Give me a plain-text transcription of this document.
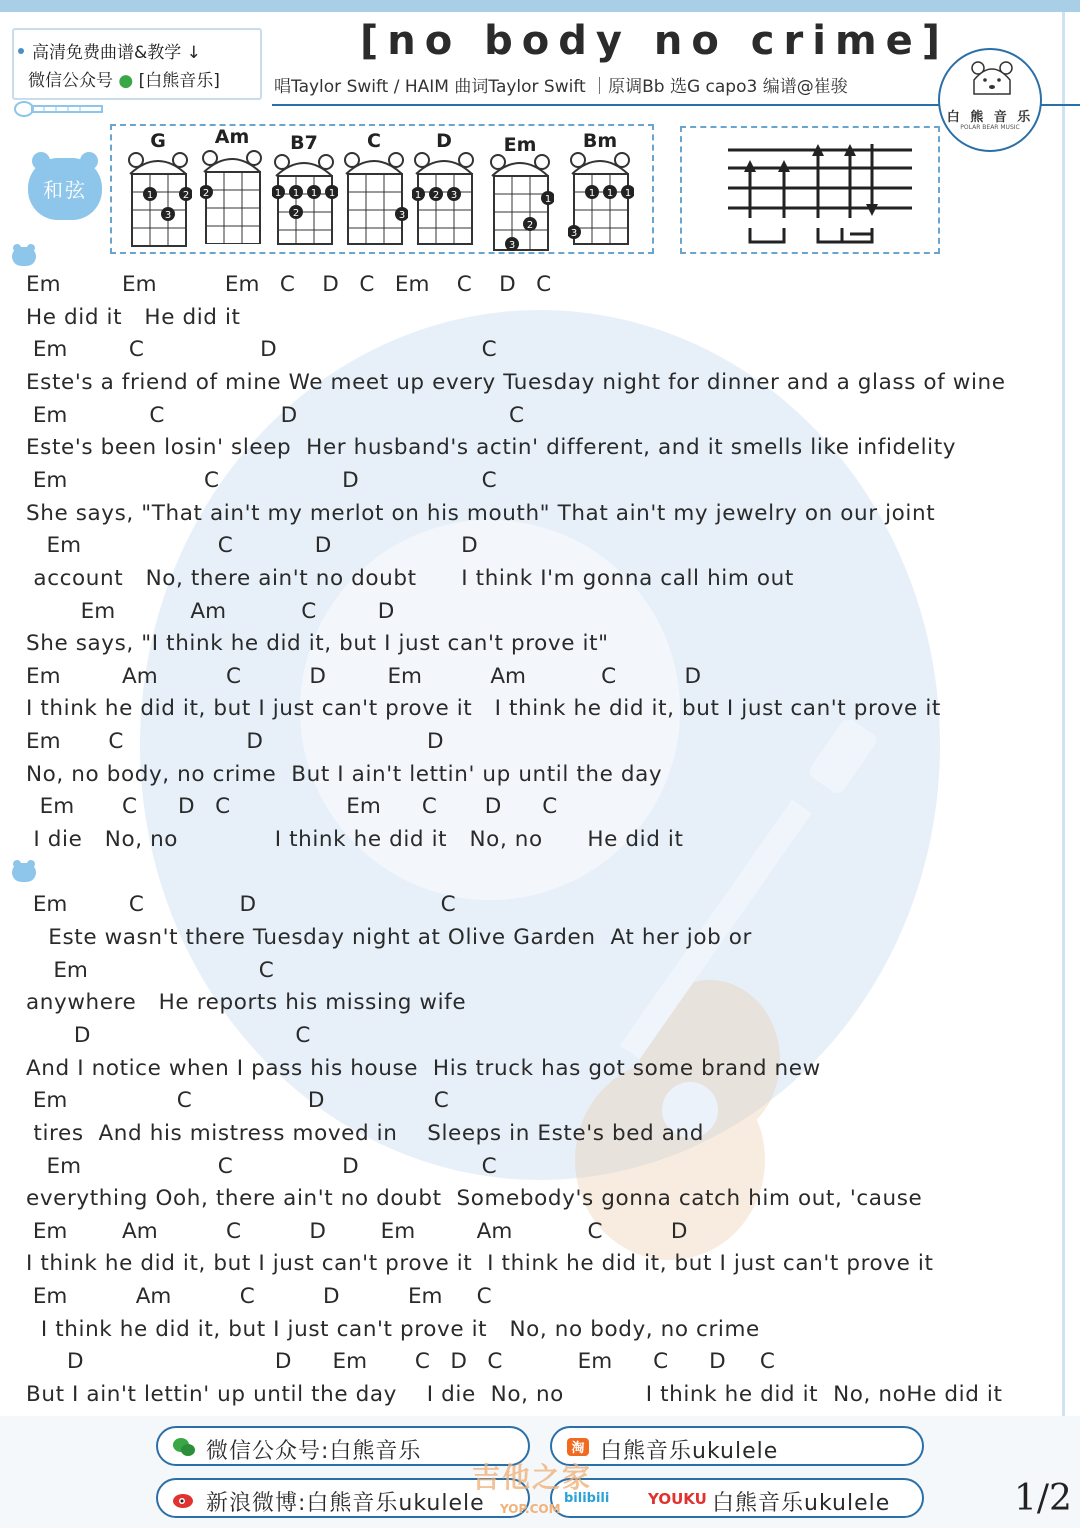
高清免费曲谱&教学 ↓
微信公众号 ● [白熊音乐]
[no body no crime]
唱Taylor Swift / HAIM 曲词Taylor Swift ｜原调Bb 选G capo3 编谱@崔骏
白 熊 音 乐
POLAR BEAR MUSIC
和弦
G
1	2
3
Am
2
B7
1 1 1 1
2
C
3
D
1 2 3
Em
1
2
3
Bm
1 1 1
3
Em         Em          Em   C    D   C   Em    C    D   C
He did it   He did it
Em         C                 D                              C
Este's a friend of mine We meet up every Tuesday night for dinner and a glass of wine
Em            C                 D                               C
Este's been losin' sleep  Her husband's actin' different, and it smells like infidelity
Em                    C                  D                  C
She says, "That ain't my merlot on his mouth" That ain't my jewelry on our joint
Em                    C            D                   D
account   No, there ain't no doubt      I think I'm gonna call him out
Em           Am           C         D
She says, "I think he did it, but I just can't prove it"
Em         Am          C          D         Em          Am           C          D
I think he did it, but I just can't prove it   I think he did it, but I just can't prove it
Em       C                  D                        D
No, no body, no crime  But I ain't lettin' up until the day
Em       C      D   C                 Em      C       D      C
I die   No, no             I think he did it   No, no      He did it
Em         C              D                           C
Este wasn't there Tuesday night at Olive Garden  At her job or
Em                         C
anywhere   He reports his missing wife
D                              C
And I notice when I pass his house  His truck has got some brand new
Em                C                 D                C
tires  And his mistress moved in    Sleeps in Este's bed and
Em                    C                D                  C
everything Ooh, there ain't no doubt  Somebody's gonna catch him out, 'cause
Em        Am          C          D        Em         Am           C          D
I think he did it, but I just can't prove it  I think he did it, but I just can't prove it
Em          Am          C          D          Em     C
I think he did it, but I just can't prove it   No, no body, no crime
D                            D      Em       C   D   C           Em      C      D     C
But I ain't lettin' up until the day    I die  No, no           I think he did it  No, noHe did it
微信公众号:白熊音乐	淘 白熊音乐ukulele
新浪微博:白熊音乐ukulele	bilibili	YOUKU 白熊音乐ukulele
吉他之家
YOP.COM	1/2
